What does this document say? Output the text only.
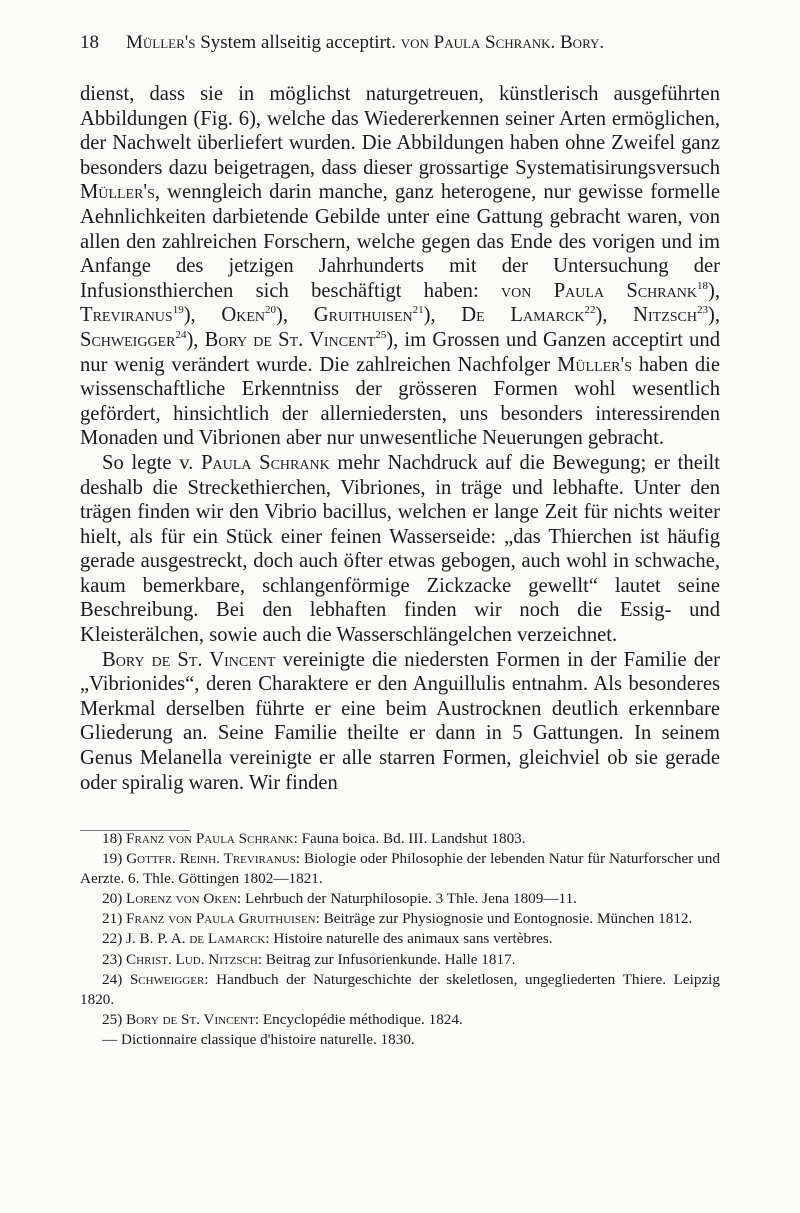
18 Müller's System allseitig acceptirt. von Paula Schrank. Bory.

dienst, dass sie in möglichst naturgetreuen, künstlerisch ausgeführten Abbildungen (Fig. 6), welche das Wiedererkennen seiner Arten ermöglichen, der Nachwelt überliefert wurden. Die Abbildungen haben ohne Zweifel ganz besonders dazu beigetragen, dass dieser grossartige Systematisirungsversuch Müller's, wenngleich darin manche, ganz heterogene, nur gewisse formelle Aehnlichkeiten darbietende Gebilde unter eine Gattung gebracht waren, von allen den zahlreichen Forschern, welche gegen das Ende des vorigen und im Anfange des jetzigen Jahrhunderts mit der Untersuchung der Infusionsthierchen sich beschäftigt haben: von Paula Schrank$^{18}$), Treviranus$^{19}$), Oken$^{20}$), Gruithuisen$^{21}$), De Lamarck$^{22}$), Nitzsch$^{23}$), Schweigger$^{24}$), Bory de St. Vincent$^{25}$), im Grossen und Ganzen acceptirt und nur wenig verändert wurde. Die zahlreichen Nachfolger Müller's haben die wissenschaftliche Erkenntniss der grösseren Formen wohl wesentlich gefördert, hinsichtlich der allerniedersten, uns besonders interessirenden Monaden und Vibrionen aber nur unwesentliche Neuerungen gebracht.

So legte v. Paula Schrank mehr Nachdruck auf die Bewegung; er theilt deshalb die Streckethierchen, Vibriones, in träge und lebhafte. Unter den trägen finden wir den Vibrio bacillus, welchen er lange Zeit für nichts weiter hielt, als für ein Stück einer feinen Wasserseide: „das Thierchen ist häufig gerade ausgestreckt, doch auch öfter etwas gebogen, auch wohl in schwache, kaum bemerkbare, schlangenförmige Zickzacke gewellt“ lautet seine Beschreibung. Bei den lebhaften finden wir noch die Essig- und Kleisterälchen, sowie auch die Wasserschlängelchen verzeichnet.

Bory de St. Vincent vereinigte die niedersten Formen in der Familie der „Vibrionides“, deren Charaktere er den Anguillulis entnahm. Als besonderes Merkmal derselben führte er eine beim Austrocknen deutlich erkennbare Gliederung an. Seine Familie theilte er dann in 5 Gattungen. In seinem Genus Melanella vereinigte er alle starren Formen, gleichviel ob sie gerade oder spiralig waren. Wir finden

18) Franz von Paula Schrank: Fauna boica. Bd. III. Landshut 1803.
19) Gottfr. Reinh. Treviranus: Biologie oder Philosophie der lebenden Natur für Naturforscher und Aerzte. 6. Thle. Göttingen 1802—1821.
20) Lorenz von Oken: Lehrbuch der Naturphilosopie. 3 Thle. Jena 1809—11.
21) Franz von Paula Gruithuisen: Beiträge zur Physiognosie und Eontognosie. München 1812.
22) J. B. P. A. de Lamarck: Histoire naturelle des animaux sans vertèbres.
23) Christ. Lud. Nitzsch: Beitrag zur Infusorienkunde. Halle 1817.
24) Schweigger: Handbuch der Naturgeschichte der skeletlosen, ungegliederten Thiere. Leipzig 1820.
25) Bory de St. Vincent: Encyclopédie méthodique. 1824.
— Dictionnaire classique d'histoire naturelle. 1830.
